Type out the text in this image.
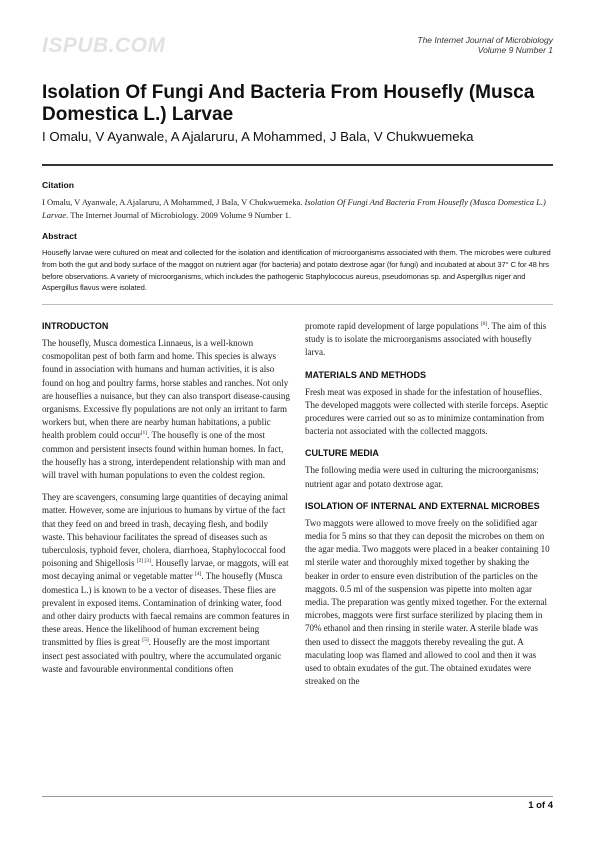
ISPUB.COM	The Internet Journal of Microbiology
Volume 9 Number 1
Isolation Of Fungi And Bacteria From Housefly (Musca Domestica L.) Larvae
I Omalu, V Ayanwale, A Ajalaruru, A Mohammed, J Bala, V Chukwuemeka
Citation
I Omalu, V Ayanwale, A Ajalaruru, A Mohammed, J Bala, V Chukwuemeka. Isolation Of Fungi And Bacteria From Housefly (Musca Domestica L.) Larvae. The Internet Journal of Microbiology. 2009 Volume 9 Number 1.
Abstract
Housefly larvae were cultured on meat and collected for the isolation and identification of microorganisms associated with them. The microbes were cultured from both the gut and body surface of the maggot on nutrient agar (for bacteria) and potato dextrose agar (for fungi) and incubated at about 37° C for 48 hrs before observations. A variety of microorganisms, which includes the pathogenic Staphylococus aureus, pseudomonas sp. and Aspergillus niger and Aspergillus flavus were isolated.
INTRODUCTON

The housefly, Musca domestica Linnaeus, is a well-known cosmopolitan pest of both farm and home. This species is always found in association with humans and human activities, it is also found on hog and poultry farms, horse stables and ranches. Not only are houseflies a nuisance, but they can also transport disease-causing organisms. Excessive fly populations are not only an irritant to farm workers but, when there are nearby human habitations, a public health problem could occur[1]. The housefly is one of the most common and persistent insects found within human homes. In fact, the housefly has a strong, interdependent relationship with man and will travel with human populations to even the coldest region.

They are scavengers, consuming large quantities of decaying animal matter. However, some are injurious to humans by virtue of the fact that they feed on and breed in trash, decaying flesh, and bodily waste. This behaviour facilitates the spread of diseases such as tuberculosis, typhoid fever, cholera, diarrhoea, Staphylococcal food poisoning and Shigellosis [2] [3]. Housefly larvae, or maggots, will eat most decaying animal or vegetable matter [4]. The housefly (Musca domestica L.) is known to be a vector of diseases. These flies are prevalent in exposed items. Contamination of drinking water, food and other dairy products with faecal remains are common features in these areas. Hence the likelihood of human excrement being transmitted by flies is great [5]. Housefly are the most important insect pest associated with poultry, where the accumulated organic waste and favourable environmental conditions often

promote rapid development of large populations [6]. The aim of this study is to isolate the microorganisms associated with housefly larva.

MATERIALS AND METHODS

Fresh meat was exposed in shade for the infestation of houseflies. The developed maggots were collected with sterile forceps. Aseptic procedures were carried out so as to minimize contamination from bacteria not associated with the collected maggots.

CULTURE MEDIA

The following media were used in culturing the microorganisms; nutrient agar and potato dextrose agar.

ISOLATION OF INTERNAL AND EXTERNAL MICROBES

Two maggots were allowed to move freely on the solidified agar media for 5 mins so that they can deposit the microbes on them on the agar media. Two maggots were placed in a beaker containing 10 ml sterile water and thoroughly mixed together by shaking the beaker in order to ensure even distribution of the particles on the maggots. 0.5 ml of the suspension was pipette into molten agar media. The preparation was gently mixed together. For the external microbes, maggots were first surface sterilized by placing them in 70% ethanol and then rinsing in sterile water. A sterile blade was then used to dissect the maggots thereby revealing the gut. A maculating loop was flamed and allowed to cool and then it was used to obtain exudates of the gut. The obtained exudates were streaked on the

1 of 4
